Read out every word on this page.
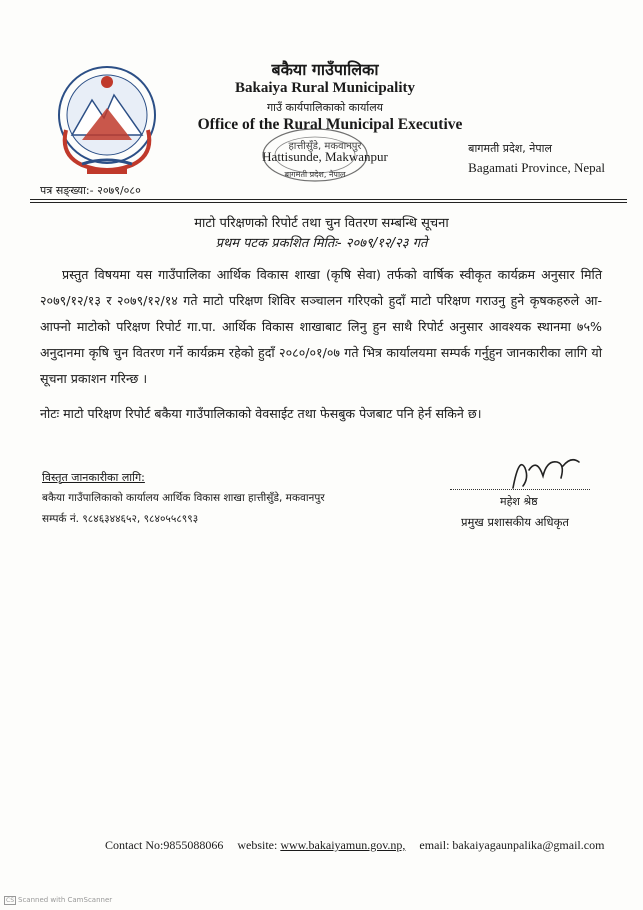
बकैया गाउँपालिका
Bakaiya Rural Municipality
गाउँ कार्यपालिकाको कार्यालय
Office of the Rural Municipal Executive
हात्तीसुँडे, मकवानपुर
Hattisunde, Makwanpur
बागमती प्रदेश, नेपाल
बागमती प्रदेश, नेपाल
Bagamati Province, Nepal
पत्र सङ्ख्या:- २०७९/०८०
माटो परिक्षणको रिपोर्ट तथा चुन वितरण सम्बन्धि सूचना
प्रथम पटक प्रकशित मितिः- २०७९/१२/२३ गते
प्रस्तुत विषयमा यस गाउँपालिका आर्थिक विकास शाखा (कृषि सेवा) तर्फको वार्षिक स्वीकृत कार्यक्रम अनुसार मिति २०७९/१२/१३ र २०७९/१२/१४ गते माटो परिक्षण शिविर सञ्चालन गरिएको हुदाँ माटो परिक्षण गराउनु हुने कृषकहरुले आ-आफ्नो माटोको परिक्षण रिपोर्ट गा.पा. आर्थिक विकास शाखाबाट लिनु हुन साथै रिपोर्ट अनुसार आवश्यक स्थानमा ७५% अनुदानमा कृषि चुन वितरण गर्ने कार्यक्रम रहेको हुदाँ २०८०/०१/०७ गते भित्र कार्यालयमा सम्पर्क गर्नुहुन जानकारीका लागि यो सूचना प्रकाशन गरिन्छ ।
नोटः माटो परिक्षण रिपोर्ट बकैया गाउँपालिकाको वेवसाईट तथा फेसबुक पेजबाट पनि हेर्न सकिने छ।
विस्तृत जानकारीका लागि:
बकैया गाउँपालिकाको कार्यालय आर्थिक विकास शाखा हात्तीसुँडे, मकवानपुर
सम्पर्क नं. ९८४६३४४६५२, ९८४०५५८९९३
महेश श्रेष्ठ
प्रमुख प्रशासकीय अधिकृत
Contact No:9855088066 website: www.bakaiyamun.gov.np, email: bakaiyagaunpalika@gmail.com
CS Scanned with CamScanner
